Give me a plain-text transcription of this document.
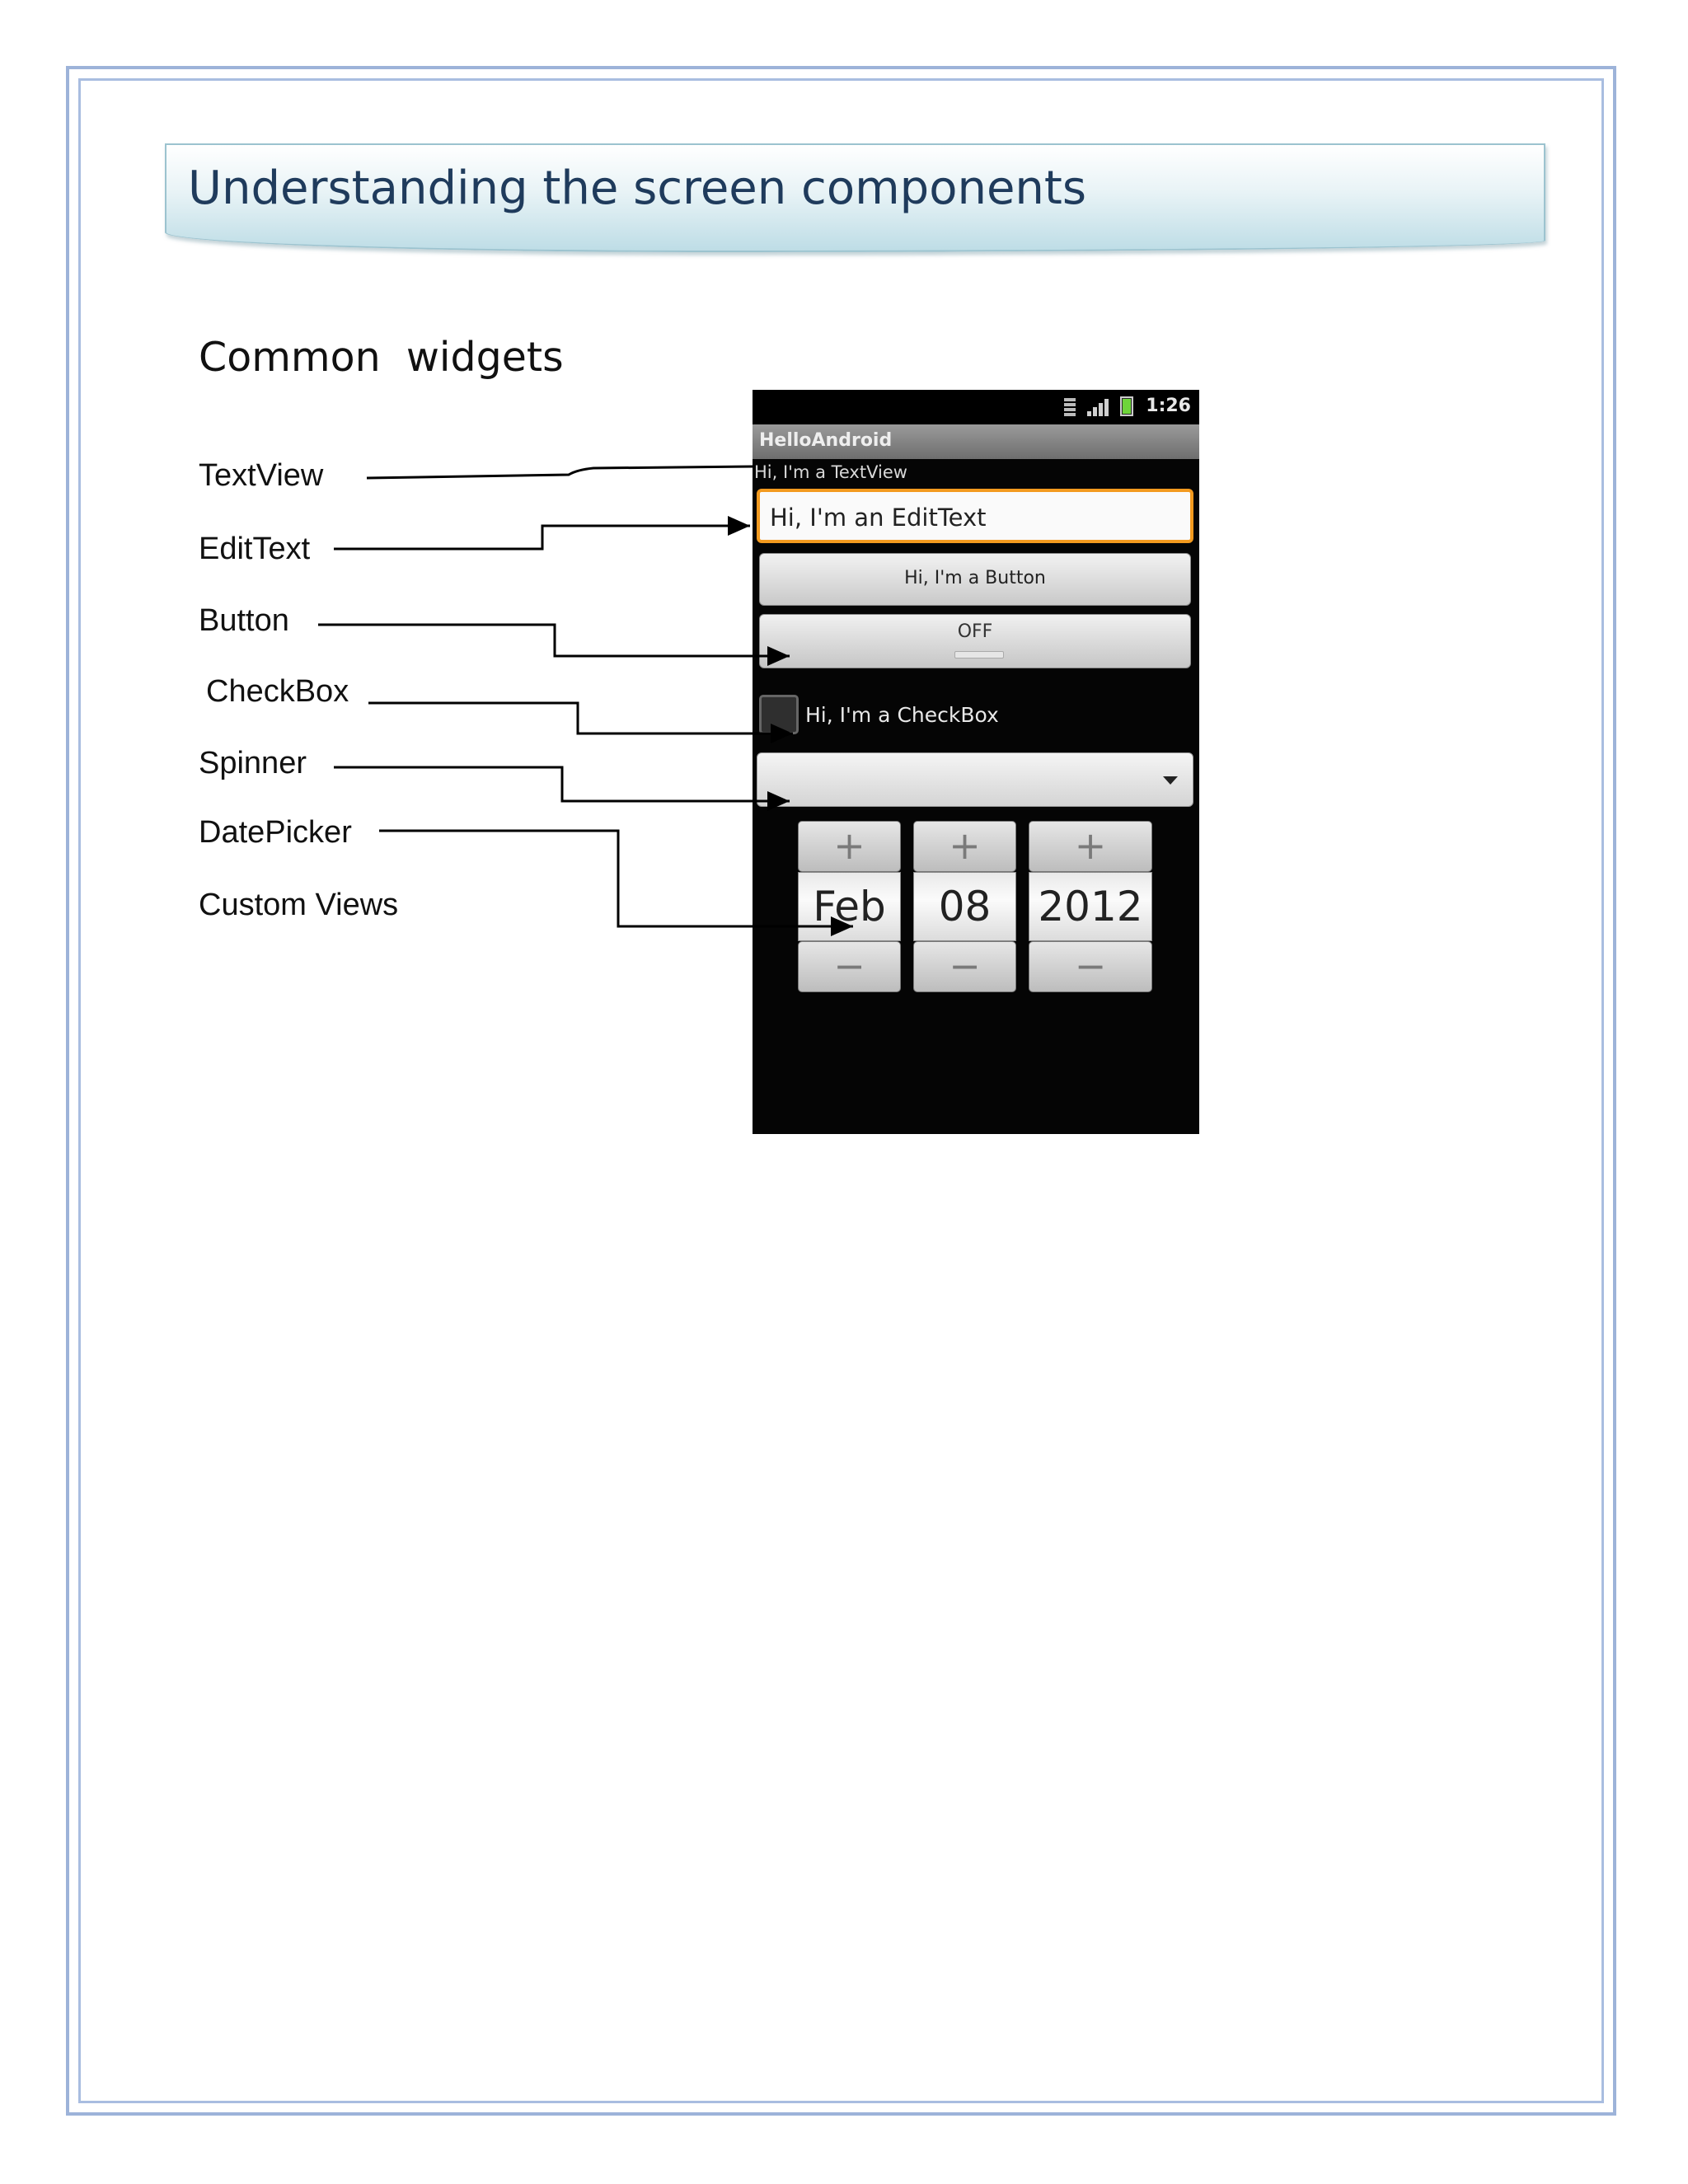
Understanding the screen components
Common  widgets
TextView
EditText
Button
CheckBox
Spinner
DatePicker
Custom Views
1:26
HelloAndroid
Hi, I'm a TextView
Hi, I'm an EditText
Hi, I'm a Button
OFF
Hi, I'm a CheckBox
+
Feb
−
+
08
−
+
2012
−
